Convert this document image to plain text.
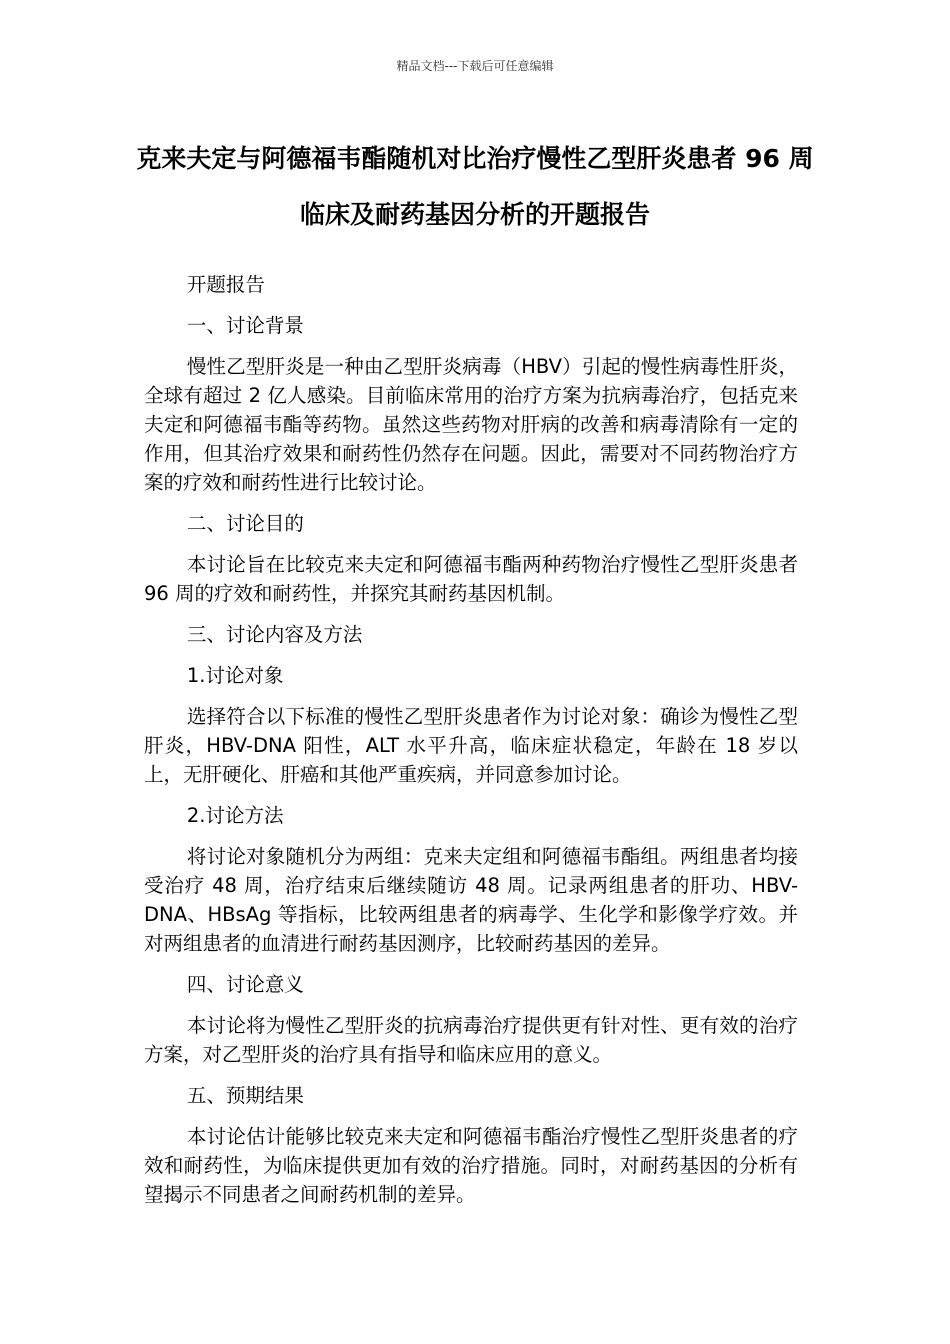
精品文档---下载后可任意编辑
克来夫定与阿德福韦酯随机对比治疗慢性乙型肝炎患者 96 周临床及耐药基因分析的开题报告

开题报告

一、讨论背景

慢性乙型肝炎是一种由乙型肝炎病毒（HBV）引起的慢性病毒性肝炎，全球有超过 2 亿人感染。目前临床常用的治疗方案为抗病毒治疗，包括克来夫定和阿德福韦酯等药物。虽然这些药物对肝病的改善和病毒清除有一定的作用，但其治疗效果和耐药性仍然存在问题。因此，需要对不同药物治疗方案的疗效和耐药性进行比较讨论。

二、讨论目的

本讨论旨在比较克来夫定和阿德福韦酯两种药物治疗慢性乙型肝炎患者 96 周的疗效和耐药性，并探究其耐药基因机制。

三、讨论内容及方法

1.讨论对象

选择符合以下标准的慢性乙型肝炎患者作为讨论对象：确诊为慢性乙型肝炎，HBV-DNA 阳性，ALT 水平升高，临床症状稳定，年龄在 18 岁以上，无肝硬化、肝癌和其他严重疾病，并同意参加讨论。

2.讨论方法

将讨论对象随机分为两组：克来夫定组和阿德福韦酯组。两组患者均接受治疗 48 周，治疗结束后继续随访 48 周。记录两组患者的肝功、HBV-DNA、HBsAg 等指标，比较两组患者的病毒学、生化学和影像学疗效。并对两组患者的血清进行耐药基因测序，比较耐药基因的差异。

四、讨论意义

本讨论将为慢性乙型肝炎的抗病毒治疗提供更有针对性、更有效的治疗方案，对乙型肝炎的治疗具有指导和临床应用的意义。

五、预期结果

本讨论估计能够比较克来夫定和阿德福韦酯治疗慢性乙型肝炎患者的疗效和耐药性，为临床提供更加有效的治疗措施。同时，对耐药基因的分析有望揭示不同患者之间耐药机制的差异。
